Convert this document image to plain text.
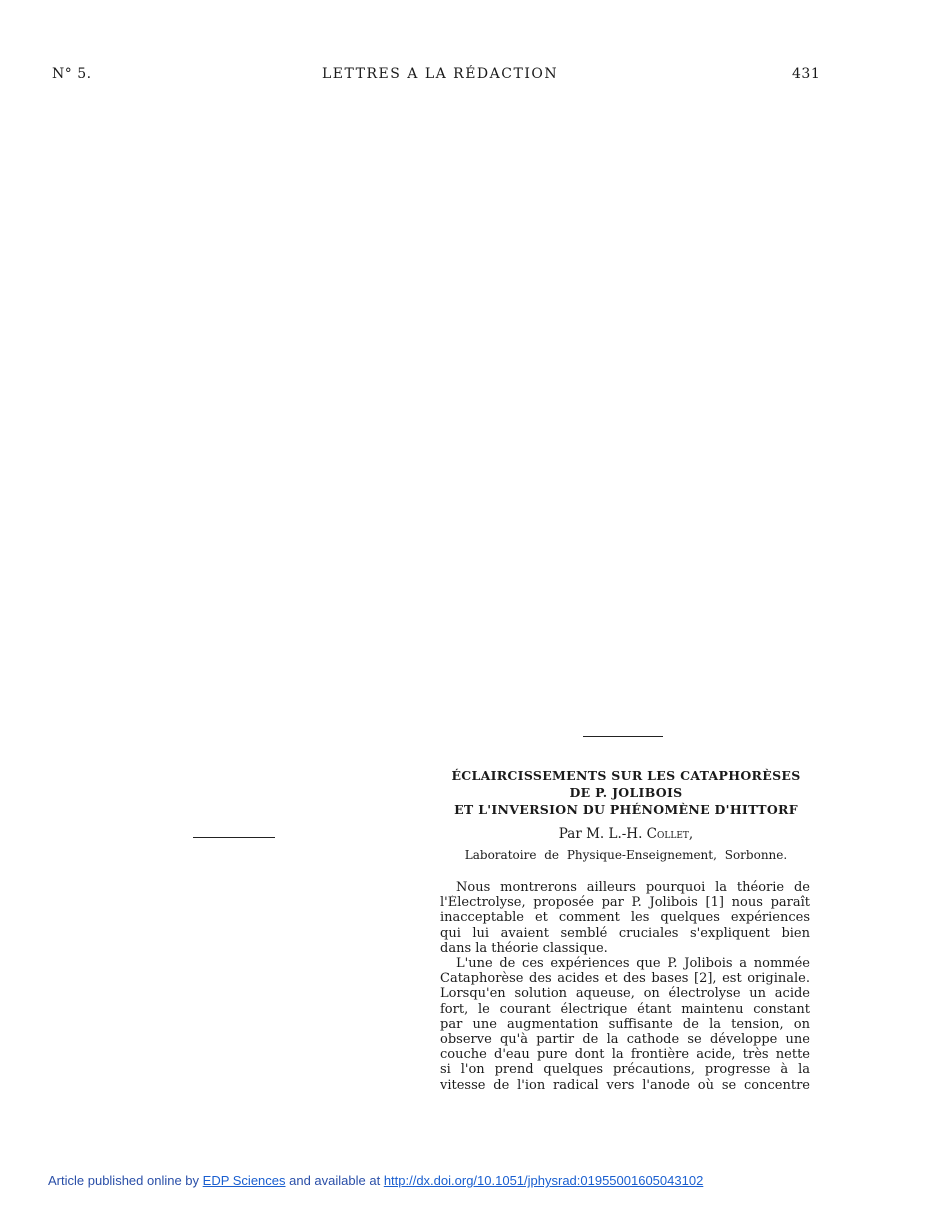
N° 5.	LETTRES A LA RÉDACTION	431
ÉCLAIRCISSEMENTS SUR LES CATAPHORÈSES
DE P. JOLIBOIS
ET L'INVERSION DU PHÉNOMÈNE D'HITTORF
Par M. L.-H. Collet,
Laboratoire de Physique-Enseignement, Sorbonne.
Nous montrerons ailleurs pourquoi la théorie de
l'Électrolyse, proposée par P. Jolibois [1] nous paraît
inacceptable et comment les quelques expériences
qui lui avaient semblé cruciales s'expliquent bien
dans la théorie classique.
L'une de ces expériences que P. Jolibois a nommée
Cataphorèse des acides et des bases [2], est originale.
Lorsqu'en solution aqueuse, on électrolyse un acide
fort, le courant électrique étant maintenu constant
par une augmentation suffisante de la tension, on
observe qu'à partir de la cathode se développe une
couche d'eau pure dont la frontière acide, très nette
si l'on prend quelques précautions, progresse à la
vitesse de l'ion radical vers l'anode où se concentre
Article published online by EDP Sciences and available at http://dx.doi.org/10.1051/jphysrad:01955001605043102
